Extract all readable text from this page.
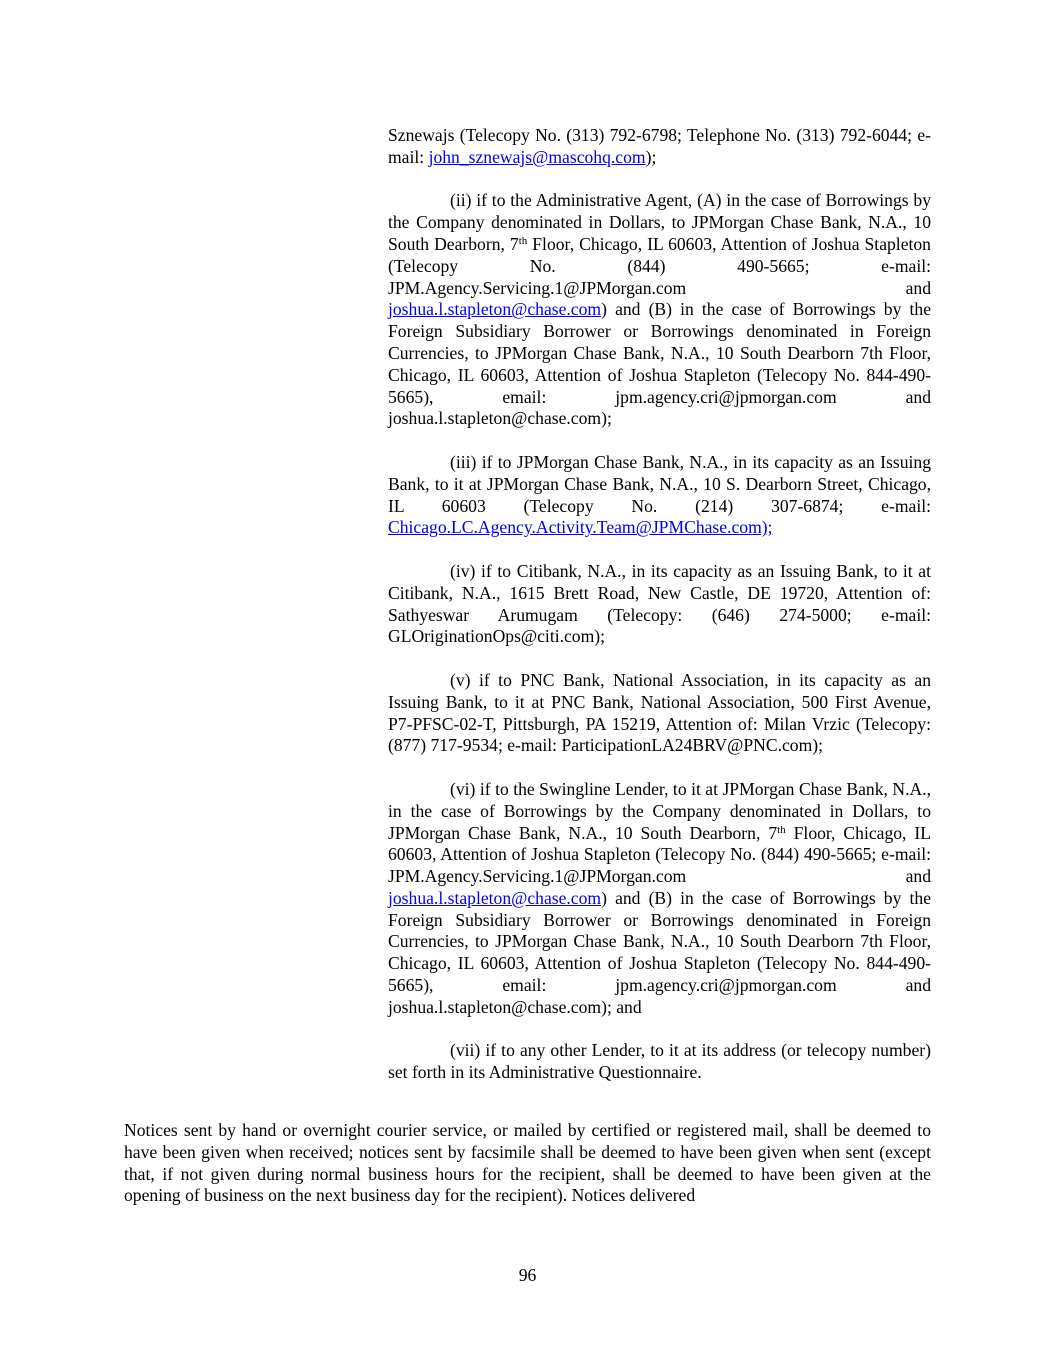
Sznewajs (Telecopy No. (313) 792-6798; Telephone No. (313) 792-6044; e-mail: john_sznewajs@mascohq.com);

(ii) if to the Administrative Agent, (A) in the case of Borrowings by the Company denominated in Dollars, to JPMorgan Chase Bank, N.A., 10 South Dearborn, 7th Floor, Chicago, IL 60603, Attention of Joshua Stapleton (Telecopy No. (844) 490-5665; e-mail: JPM.Agency.Servicing.1@JPMorgan.com and joshua.l.stapleton@chase.com) and (B) in the case of Borrowings by the Foreign Subsidiary Borrower or Borrowings denominated in Foreign Currencies, to JPMorgan Chase Bank, N.A., 10 South Dearborn 7th Floor, Chicago, IL 60603, Attention of Joshua Stapleton (Telecopy No. 844-490-5665), email: jpm.agency.cri@jpmorgan.com and joshua.l.stapleton@chase.com);

(iii) if to JPMorgan Chase Bank, N.A., in its capacity as an Issuing Bank, to it at JPMorgan Chase Bank, N.A., 10 S. Dearborn Street, Chicago, IL 60603 (Telecopy No. (214) 307-6874; e-mail: Chicago.LC.Agency.Activity.Team@JPMChase.com);

(iv) if to Citibank, N.A., in its capacity as an Issuing Bank, to it at Citibank, N.A., 1615 Brett Road, New Castle, DE 19720, Attention of: Sathyeswar Arumugam (Telecopy: (646) 274-5000; e-mail: GLOriginationOps@citi.com);

(v) if to PNC Bank, National Association, in its capacity as an Issuing Bank, to it at PNC Bank, National Association, 500 First Avenue, P7-PFSC-02-T, Pittsburgh, PA 15219, Attention of: Milan Vrzic (Telecopy: (877) 717-9534; e-mail: ParticipationLA24BRV@PNC.com);

(vi) if to the Swingline Lender, to it at JPMorgan Chase Bank, N.A., in the case of Borrowings by the Company denominated in Dollars, to JPMorgan Chase Bank, N.A., 10 South Dearborn, 7th Floor, Chicago, IL 60603, Attention of Joshua Stapleton (Telecopy No. (844) 490-5665; e-mail: JPM.Agency.Servicing.1@JPMorgan.com and joshua.l.stapleton@chase.com) and (B) in the case of Borrowings by the Foreign Subsidiary Borrower or Borrowings denominated in Foreign Currencies, to JPMorgan Chase Bank, N.A., 10 South Dearborn 7th Floor, Chicago, IL 60603, Attention of Joshua Stapleton (Telecopy No. 844-490-5665), email: jpm.agency.cri@jpmorgan.com and joshua.l.stapleton@chase.com); and

(vii) if to any other Lender, to it at its address (or telecopy number) set forth in its Administrative Questionnaire.

Notices sent by hand or overnight courier service, or mailed by certified or registered mail, shall be deemed to have been given when received; notices sent by facsimile shall be deemed to have been given when sent (except that, if not given during normal business hours for the recipient, shall be deemed to have been given at the opening of business on the next business day for the recipient). Notices delivered

96
